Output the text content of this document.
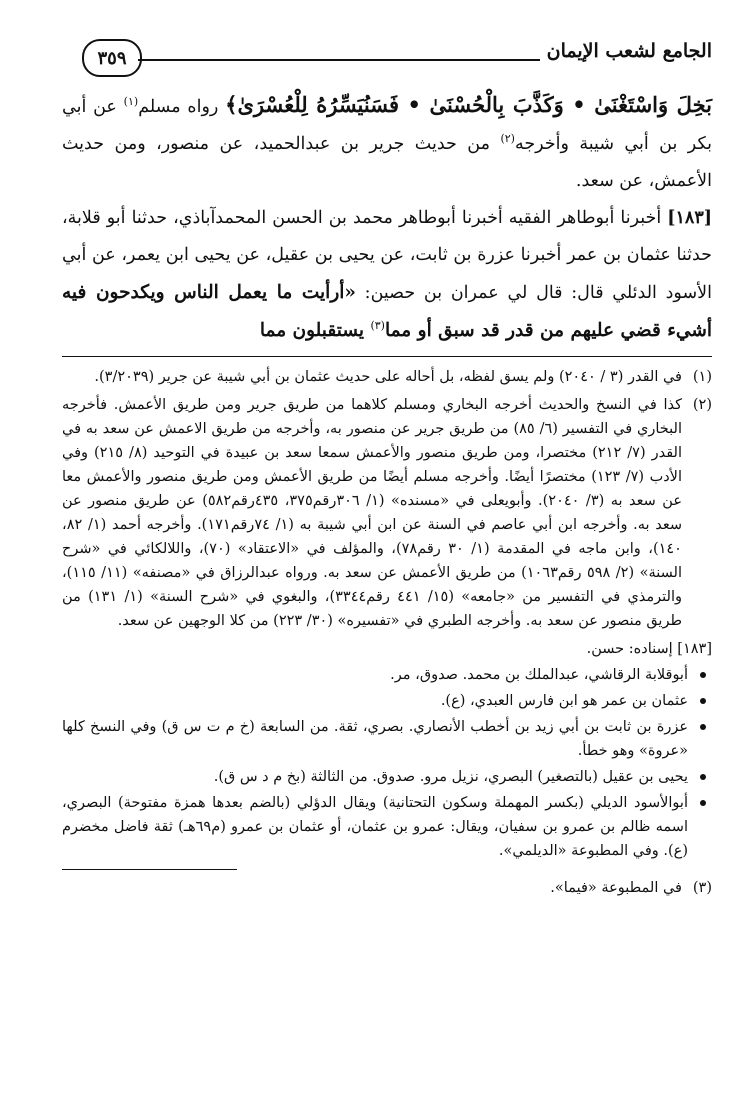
الجامع لشعب الإيمان
٣٥٩

بَخِلَ وَاسْتَغْنَىٰ • وَكَذَّبَ بِالْحُسْنَىٰ • فَسَنُيَسِّرُهُ لِلْعُسْرَىٰ﴾ رواه مسلم$^{(١)}$ عن أبي بكر بن أبي شيبة وأخرجه$^{(٢)}$ من حديث جرير بن عبدالحميد، عن منصور، ومن حديث الأعمش، عن سعد.

[١٨٣] أخبرنا أبوطاهر الفقيه أخبرنا أبوطاهر محمد بن الحسن المحمدآباذي، حدثنا أبو قلابة، حدثنا عثمان بن عمر أخبرنا عزرة بن ثابت، عن يحيى بن عقيل، عن يحيى ابن يعمر، عن أبي الأسود الدئلي قال: قال لي عمران بن حصين: «أرأيت ما يعمل الناس ويكدحون فيه أشيء قضي عليهم من قدر قد سبق أو مما$^{(٣)}$ يستقبلون مما

(١)
في القدر (٣ / ٢٠٤٠) ولم يسق لفظه، بل أحاله على حديث عثمان بن أبي شيبة عن جرير (٣/٢٠٣٩).

(٢)
كذا في النسخ والحديث أخرجه البخاري ومسلم كلاهما من طريق جرير ومن طريق الأعمش. فأخرجه البخاري في التفسير (٦/ ٨٥) من طريق جرير عن منصور به، وأخرجه من طريق الاعمش عن سعد به في القدر (٧/ ٢١٢) مختصرا، ومن طريق منصور والأعمش سمعا سعد بن عبيدة في التوحيد (٨/ ٢١٥) وفي الأدب (٧/ ١٢٣) مختصرًا أيضًا. وأخرجه مسلم أيضًا من طريق الأعمش ومن طريق منصور والأعمش معا عن سعد به (٣/ ٢٠٤٠). وأبويعلى في «مسنده» (١/ ٣٠٦رقم٣٧٥، ٤٣٥رقم٥٨٢) عن طريق منصور عن سعد به. وأخرجه ابن أبي عاصم في السنة عن ابن أبي شيبة به (١/ ٧٤رقم١٧١). وأخرجه أحمد (١/ ٨٢، ١٤٠)، وابن ماجه في المقدمة (١/ ٣٠ رقم٧٨)، والمؤلف في «الاعتقاد» (٧٠)، واللالكائي في «شرح السنة» (٢/ ٥٩٨ رقم١٠٦٣) من طريق الأعمش عن سعد به. ورواه عبدالرزاق في «مصنفه» (١١/ ١١٥)، والترمذي في التفسير من «جامعه» (١٥/ ٤٤١ رقم٣٣٤٤)، والبغوي في «شرح السنة» (١/ ١٣١) من طريق منصور عن سعد به. وأخرجه الطبري في «تفسيره» (٣٠/ ٢٢٣) من كلا الوجهين عن سعد.

[١٨٣] إسناده: حسن.

أبوقلابة الرقاشي، عبدالملك بن محمد. صدوق، مر.
عثمان بن عمر هو ابن فارس العبدي، (ع).
عزرة بن ثابت بن أبي زيد بن أخطب الأنصاري. بصري، ثقة. من السابعة (خ م ت س ق) وفي النسخ كلها «عروة» وهو خطأ.
يحيى بن عقيل (بالتصغير) البصري، نزيل مرو. صدوق. من الثالثة (بخ م د س ق).
أبوالأسود الديلي (بكسر المهملة وسكون التحتانية) ويقال الدؤلي (بالضم بعدها همزة مفتوحة) البصري، اسمه ظالم بن عمرو بن سفيان، ويقال: عمرو بن عثمان، أو عثمان بن عمرو (م٦٩هـ) ثقة فاضل مخضرم (ع). وفي المطبوعة «الديلمي».

(٣)
في المطبوعة «فيما».
